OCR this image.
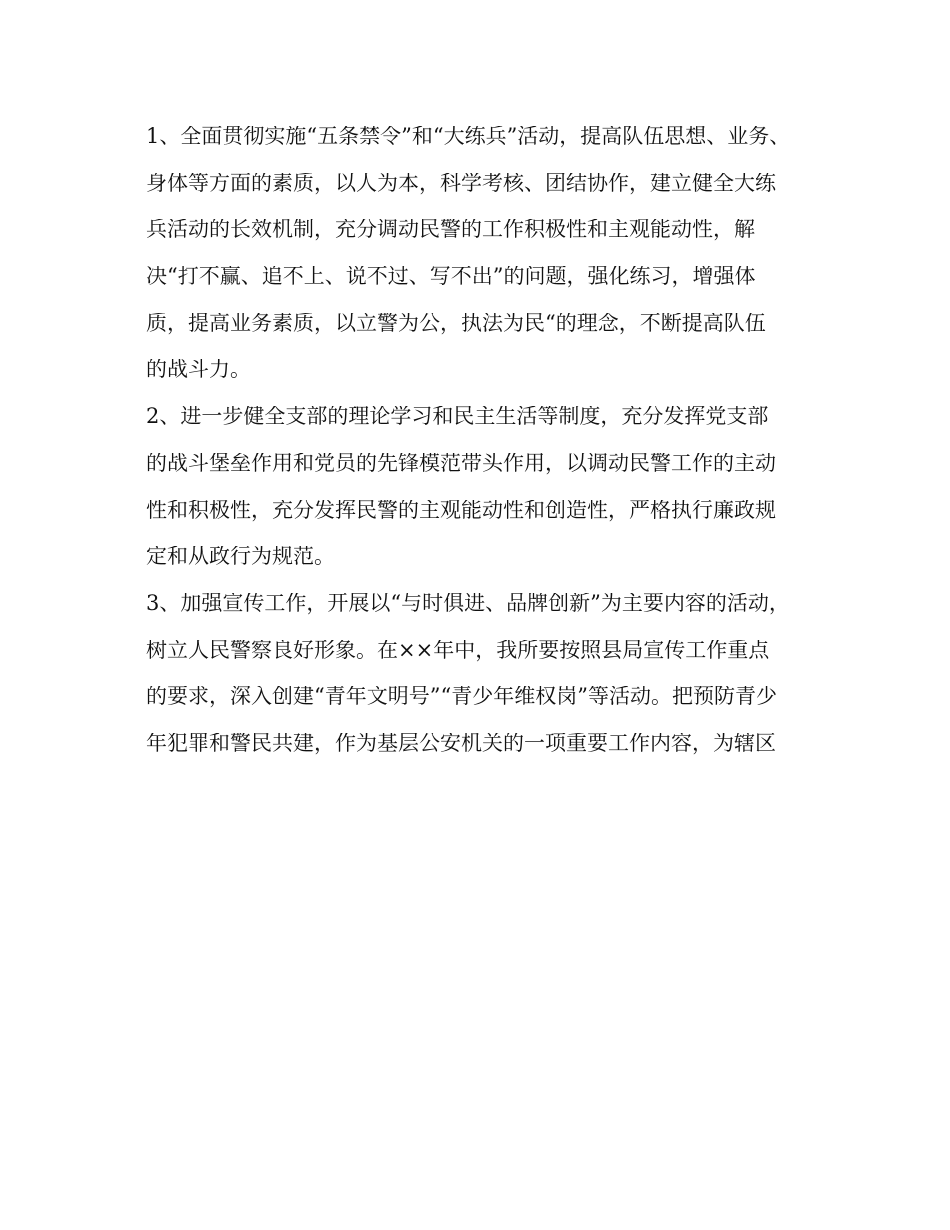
1、全面贯彻实施“五条禁令”和“大练兵”活动，提高队伍思想、业务、
身体等方面的素质，以人为本，科学考核、团结协作，建立健全大练
兵活动的长效机制，充分调动民警的工作积极性和主观能动性，解
决“打不赢、追不上、说不过、写不出”的问题，强化练习，增强体
质，提高业务素质，以立警为公，执法为民“的理念，不断提高队伍
的战斗力。
2、进一步健全支部的理论学习和民主生活等制度，充分发挥党支部
的战斗堡垒作用和党员的先锋模范带头作用，以调动民警工作的主动
性和积极性，充分发挥民警的主观能动性和创造性，严格执行廉政规
定和从政行为规范。
3、加强宣传工作，开展以“与时俱进、品牌创新”为主要内容的活动，
树立人民警察良好形象。在××年中，我所要按照县局宣传工作重点
的要求，深入创建“青年文明号”“青少年维权岗”等活动。把预防青少
年犯罪和警民共建，作为基层公安机关的一项重要工作内容，为辖区
